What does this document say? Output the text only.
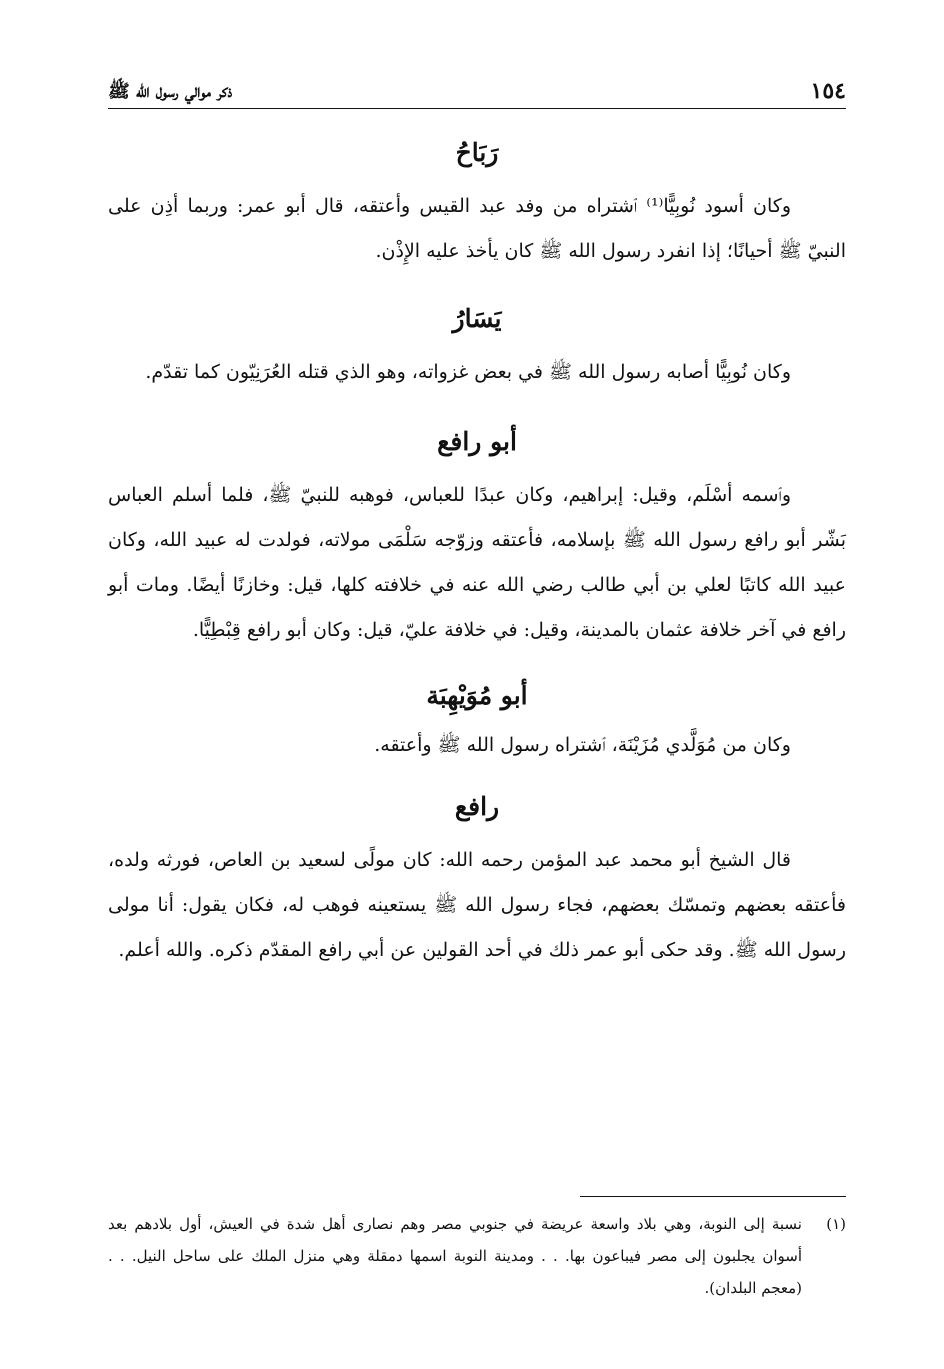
١٥٤
ذكر موالي رسول الله ﷺ
رَبَاحُ

وكان أسود نُوبِيًّا⁽¹⁾ ٱشتراه من وفد عبد القيس وأعتقه، قال أبو عمر: وربما أذِن على النبيّ ﷺ أحيانًا؛ إذا انفرد رسول الله ﷺ كان يأخذ عليه الإِذْن.

يَسَارُ

وكان نُوبِيًّا أصابه رسول الله ﷺ في بعض غزواته، وهو الذي قتله العُرَنِيّون كما تقدّم.

أبو رافع

وٱسمه أسْلَم، وقيل: إبراهيم، وكان عبدًا للعباس، فوهبه للنبيّ ﷺ، فلما أسلم العباس بَشّر أبو رافع رسول الله ﷺ بإسلامه، فأعتقه وزوّجه سَلْمَى مولاته، فولدت له عبيد الله، وكان عبيد الله كاتبًا لعلي بن أبي طالب رضي الله عنه في خلافته كلها، قيل: وخازنًا أيضًا. ومات أبو رافع في آخر خلافة عثمان بالمدينة، وقيل: في خلافة عليّ، قيل: وكان أبو رافع قِبْطِيًّا.

أبو مُوَيْهِبَة

وكان من مُوَلَّدي مُزَيْنَة، ٱشتراه رسول الله ﷺ وأعتقه.

رافع

قال الشيخ أبو محمد عبد المؤمن رحمه الله: كان مولًى لسعيد بن العاص، فورثه ولده، فأعتقه بعضهم وتمسّك بعضهم، فجاء رسول الله ﷺ يستعينه فوهب له، فكان يقول: أنا مولى رسول الله ﷺ. وقد حكى أبو عمر ذلك في أحد القولين عن أبي رافع المقدّم ذكره. والله أعلم.

(١)
نسبة إلى النوبة، وهي بلاد واسعة عريضة في جنوبي مصر وهم نصارى أهل شدة في العيش، أول بلادهم بعد أسوان يجلبون إلى مصر فيباعون بها. . . ومدينة النوبة اسمها دمقلة وهي منزل الملك على ساحل النيل. . . (معجم البلدان).
